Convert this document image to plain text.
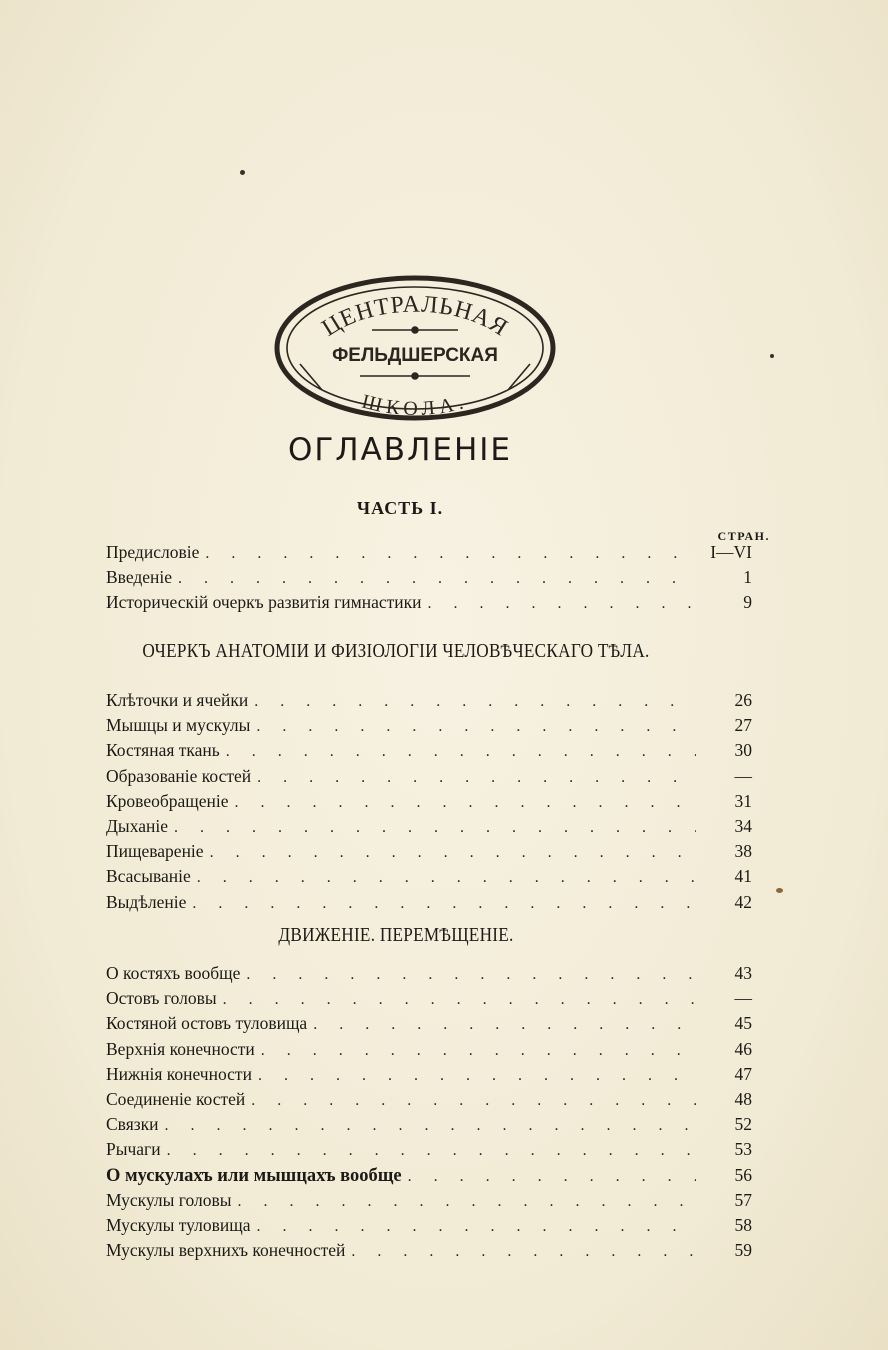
ЦЕНТРАЛЬНАЯ
ФЕЛЬДШЕРСКАЯ
ШКОЛА.
ОГЛАВЛЕНІЕ
ЧАСТЬ I.
СТРАН.
Предисловіе . . .	I—VI
Введеніе . . .	1
Историческій очеркъ развитія гимнастики . . .	9
ОЧЕРКЪ АНАТОМІИ И ФИЗІОЛОГІИ ЧЕЛОВѢЧЕСКАГО ТѢЛА.
Клѣточки и ячейки . . .	26
Мышцы и мускулы . . .	27
Костяная ткань . . .	30
Образованіе костей . . .	—
Кровеобращеніе . . .	31
Дыханіе . . .	34
Пищевареніе . . .	38
Всасываніе . . .	41
Выдѣленіе . . .	42
ДВИЖЕНІЕ. ПЕРЕМѢЩЕНІЕ.
О костяхъ вообще . . .	43
Остовъ головы . . .	—
Костяной остовъ туловища . . .	45
Верхнія конечности . . .	46
Нижнія конечности . . .	47
Соединеніе костей . . .	48
Связки . . .	52
Рычаги . . .	53
О мускулахъ или мышцахъ вообще . . .	56
Мускулы головы . . .	57
Мускулы туловища . . .	58
Мускулы верхнихъ конечностей . . .	59
